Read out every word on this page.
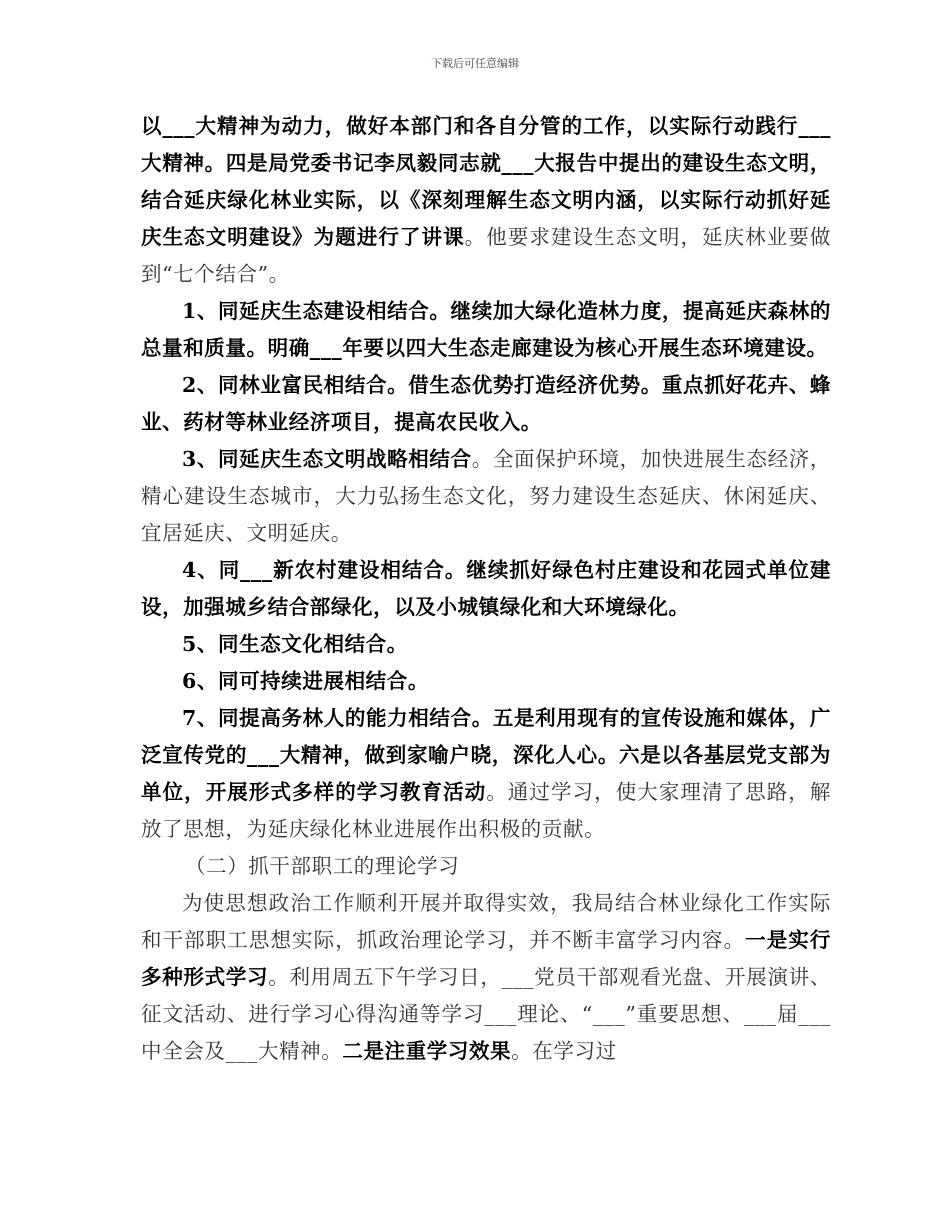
下载后可任意编辑

以___大精神为动力，做好本部门和各自分管的工作，以实际行动践行___大精神。四是局党委书记李凤毅同志就___大报告中提出的建设生态文明，结合延庆绿化林业实际，以《深刻理解生态文明内涵，以实际行动抓好延庆生态文明建设》为题进行了讲课。他要求建设生态文明，延庆林业要做到“七个结合”。

1、同延庆生态建设相结合。继续加大绿化造林力度，提高延庆森林的总量和质量。明确___年要以四大生态走廊建设为核心开展生态环境建设。

2、同林业富民相结合。借生态优势打造经济优势。重点抓好花卉、蜂业、药材等林业经济项目，提高农民收入。

3、同延庆生态文明战略相结合。全面保护环境，加快进展生态经济，精心建设生态城市，大力弘扬生态文化，努力建设生态延庆、休闲延庆、宜居延庆、文明延庆。

4、同___新农村建设相结合。继续抓好绿色村庄建设和花园式单位建设，加强城乡结合部绿化，以及小城镇绿化和大环境绿化。

5、同生态文化相结合。

6、同可持续进展相结合。

7、同提高务林人的能力相结合。五是利用现有的宣传设施和媒体，广泛宣传党的___大精神，做到家喻户晓，深化人心。六是以各基层党支部为单位，开展形式多样的学习教育活动。通过学习，使大家理清了思路，解放了思想，为延庆绿化林业进展作出积极的贡献。

（二）抓干部职工的理论学习

为使思想政治工作顺利开展并取得实效，我局结合林业绿化工作实际和干部职工思想实际，抓政治理论学习，并不断丰富学习内容。一是实行多种形式学习。利用周五下午学习日，___党员干部观看光盘、开展演讲、征文活动、进行学习心得沟通等学习___理论、“___”重要思想、___届___中全会及___大精神。二是注重学习效果。在学习过
